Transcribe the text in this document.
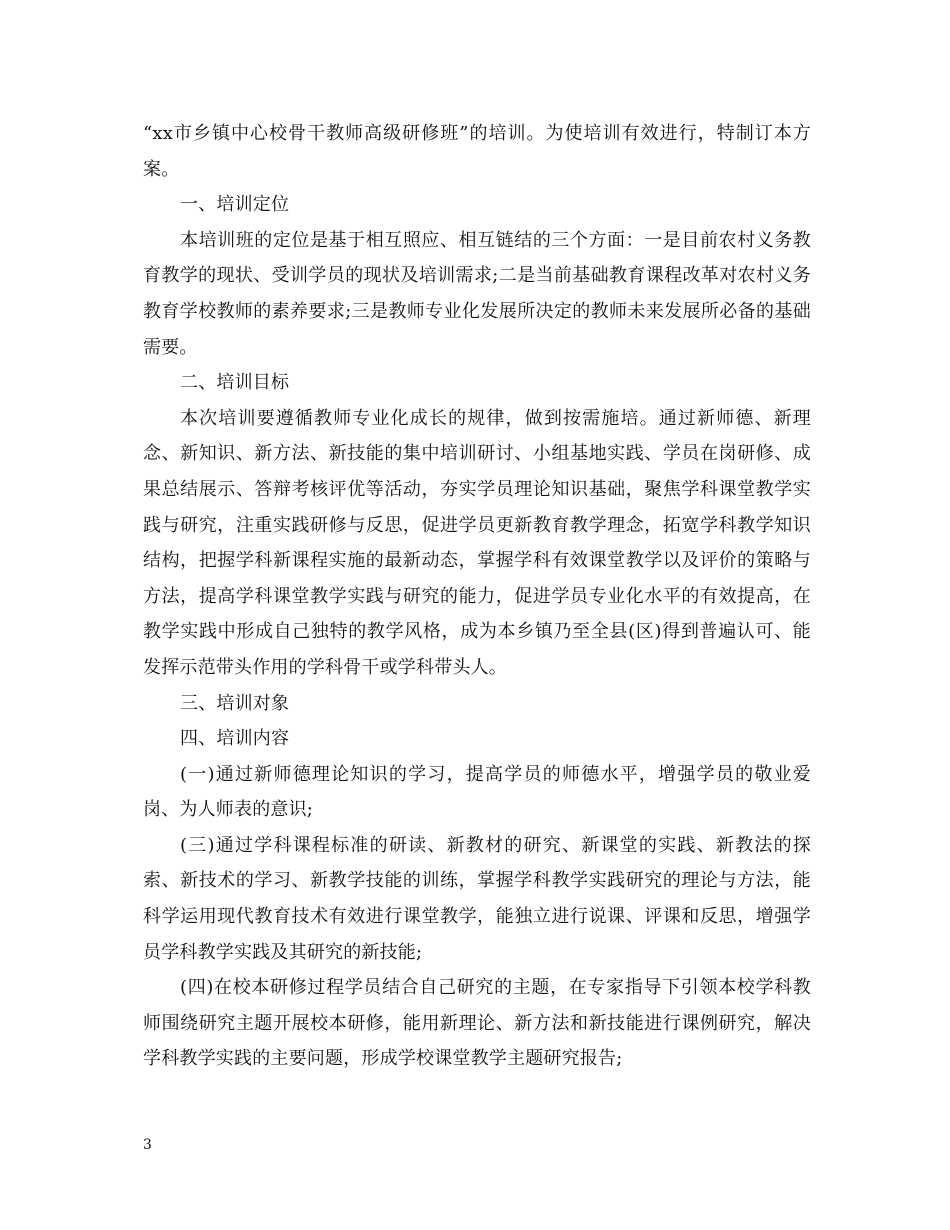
“xx市乡镇中心校骨干教师高级研修班”的培训。为使培训有效进行，特制订本方案。

一、培训定位

本培训班的定位是基于相互照应、相互链结的三个方面：一是目前农村义务教育教学的现状、受训学员的现状及培训需求;二是当前基础教育课程改革对农村义务教育学校教师的素养要求;三是教师专业化发展所决定的教师未来发展所必备的基础需要。

二、培训目标

本次培训要遵循教师专业化成长的规律，做到按需施培。通过新师德、新理念、新知识、新方法、新技能的集中培训研讨、小组基地实践、学员在岗研修、成果总结展示、答辩考核评优等活动，夯实学员理论知识基础，聚焦学科课堂教学实践与研究，注重实践研修与反思，促进学员更新教育教学理念，拓宽学科教学知识结构，把握学科新课程实施的最新动态，掌握学科有效课堂教学以及评价的策略与方法，提高学科课堂教学实践与研究的能力，促进学员专业化水平的有效提高，在教学实践中形成自己独特的教学风格，成为本乡镇乃至全县(区)得到普遍认可、能发挥示范带头作用的学科骨干或学科带头人。

三、培训对象

四、培训内容

(一)通过新师德理论知识的学习，提高学员的师德水平，增强学员的敬业爱岗、为人师表的意识;

(三)通过学科课程标准的研读、新教材的研究、新课堂的实践、新教法的探索、新技术的学习、新教学技能的训练，掌握学科教学实践研究的理论与方法，能科学运用现代教育技术有效进行课堂教学，能独立进行说课、评课和反思，增强学员学科教学实践及其研究的新技能;

(四)在校本研修过程学员结合自己研究的主题，在专家指导下引领本校学科教师围绕研究主题开展校本研修，能用新理论、新方法和新技能进行课例研究，解决学科教学实践的主要问题，形成学校课堂教学主题研究报告;

3
